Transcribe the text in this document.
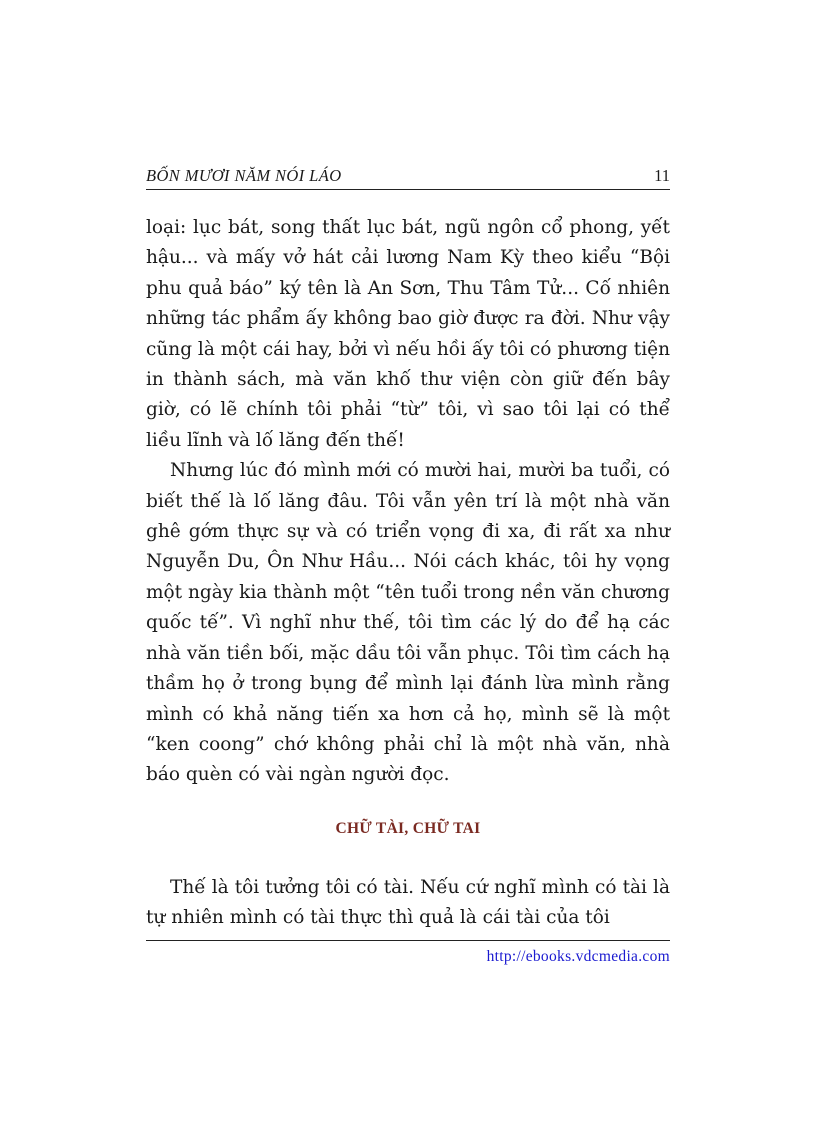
BỐN MƯƠI NĂM NÓI LÁO	11

loại: lục bát, song thất lục bát, ngũ ngôn cổ phong, yết hậu... và mấy vở hát cải lương Nam Kỳ theo kiểu “Bội phu quả báo” ký tên là An Sơn, Thu Tâm Tử... Cố nhiên những tác phẩm ấy không bao giờ được ra đời. Như vậy cũng là một cái hay, bởi vì nếu hồi ấy tôi có phương tiện in thành sách, mà văn khố thư viện còn giữ đến bây giờ, có lẽ chính tôi phải “từ” tôi, vì sao tôi lại có thể liều lĩnh và lố lăng đến thế!

Nhưng lúc đó mình mới có mười hai, mười ba tuổi, có biết thế là lố lăng đâu. Tôi vẫn yên trí là một nhà văn ghê gớm thực sự và có triển vọng đi xa, đi rất xa như Nguyễn Du, Ôn Như Hầu... Nói cách khác, tôi hy vọng một ngày kia thành một “tên tuổi trong nền văn chương quốc tế”. Vì nghĩ như thế, tôi tìm các lý do để hạ các nhà văn tiền bối, mặc dầu tôi vẫn phục. Tôi tìm cách hạ thầm họ ở trong bụng để mình lại đánh lừa mình rằng mình có khả năng tiến xa hơn cả họ, mình sẽ là một “ken coong” chớ không phải chỉ là một nhà văn, nhà báo quèn có vài ngàn người đọc.

CHỮ TÀI, CHỮ TAI

Thế là tôi tưởng tôi có tài. Nếu cứ nghĩ mình có tài là tự nhiên mình có tài thực thì quả là cái tài của tôi

http://ebooks.vdcmedia.com
